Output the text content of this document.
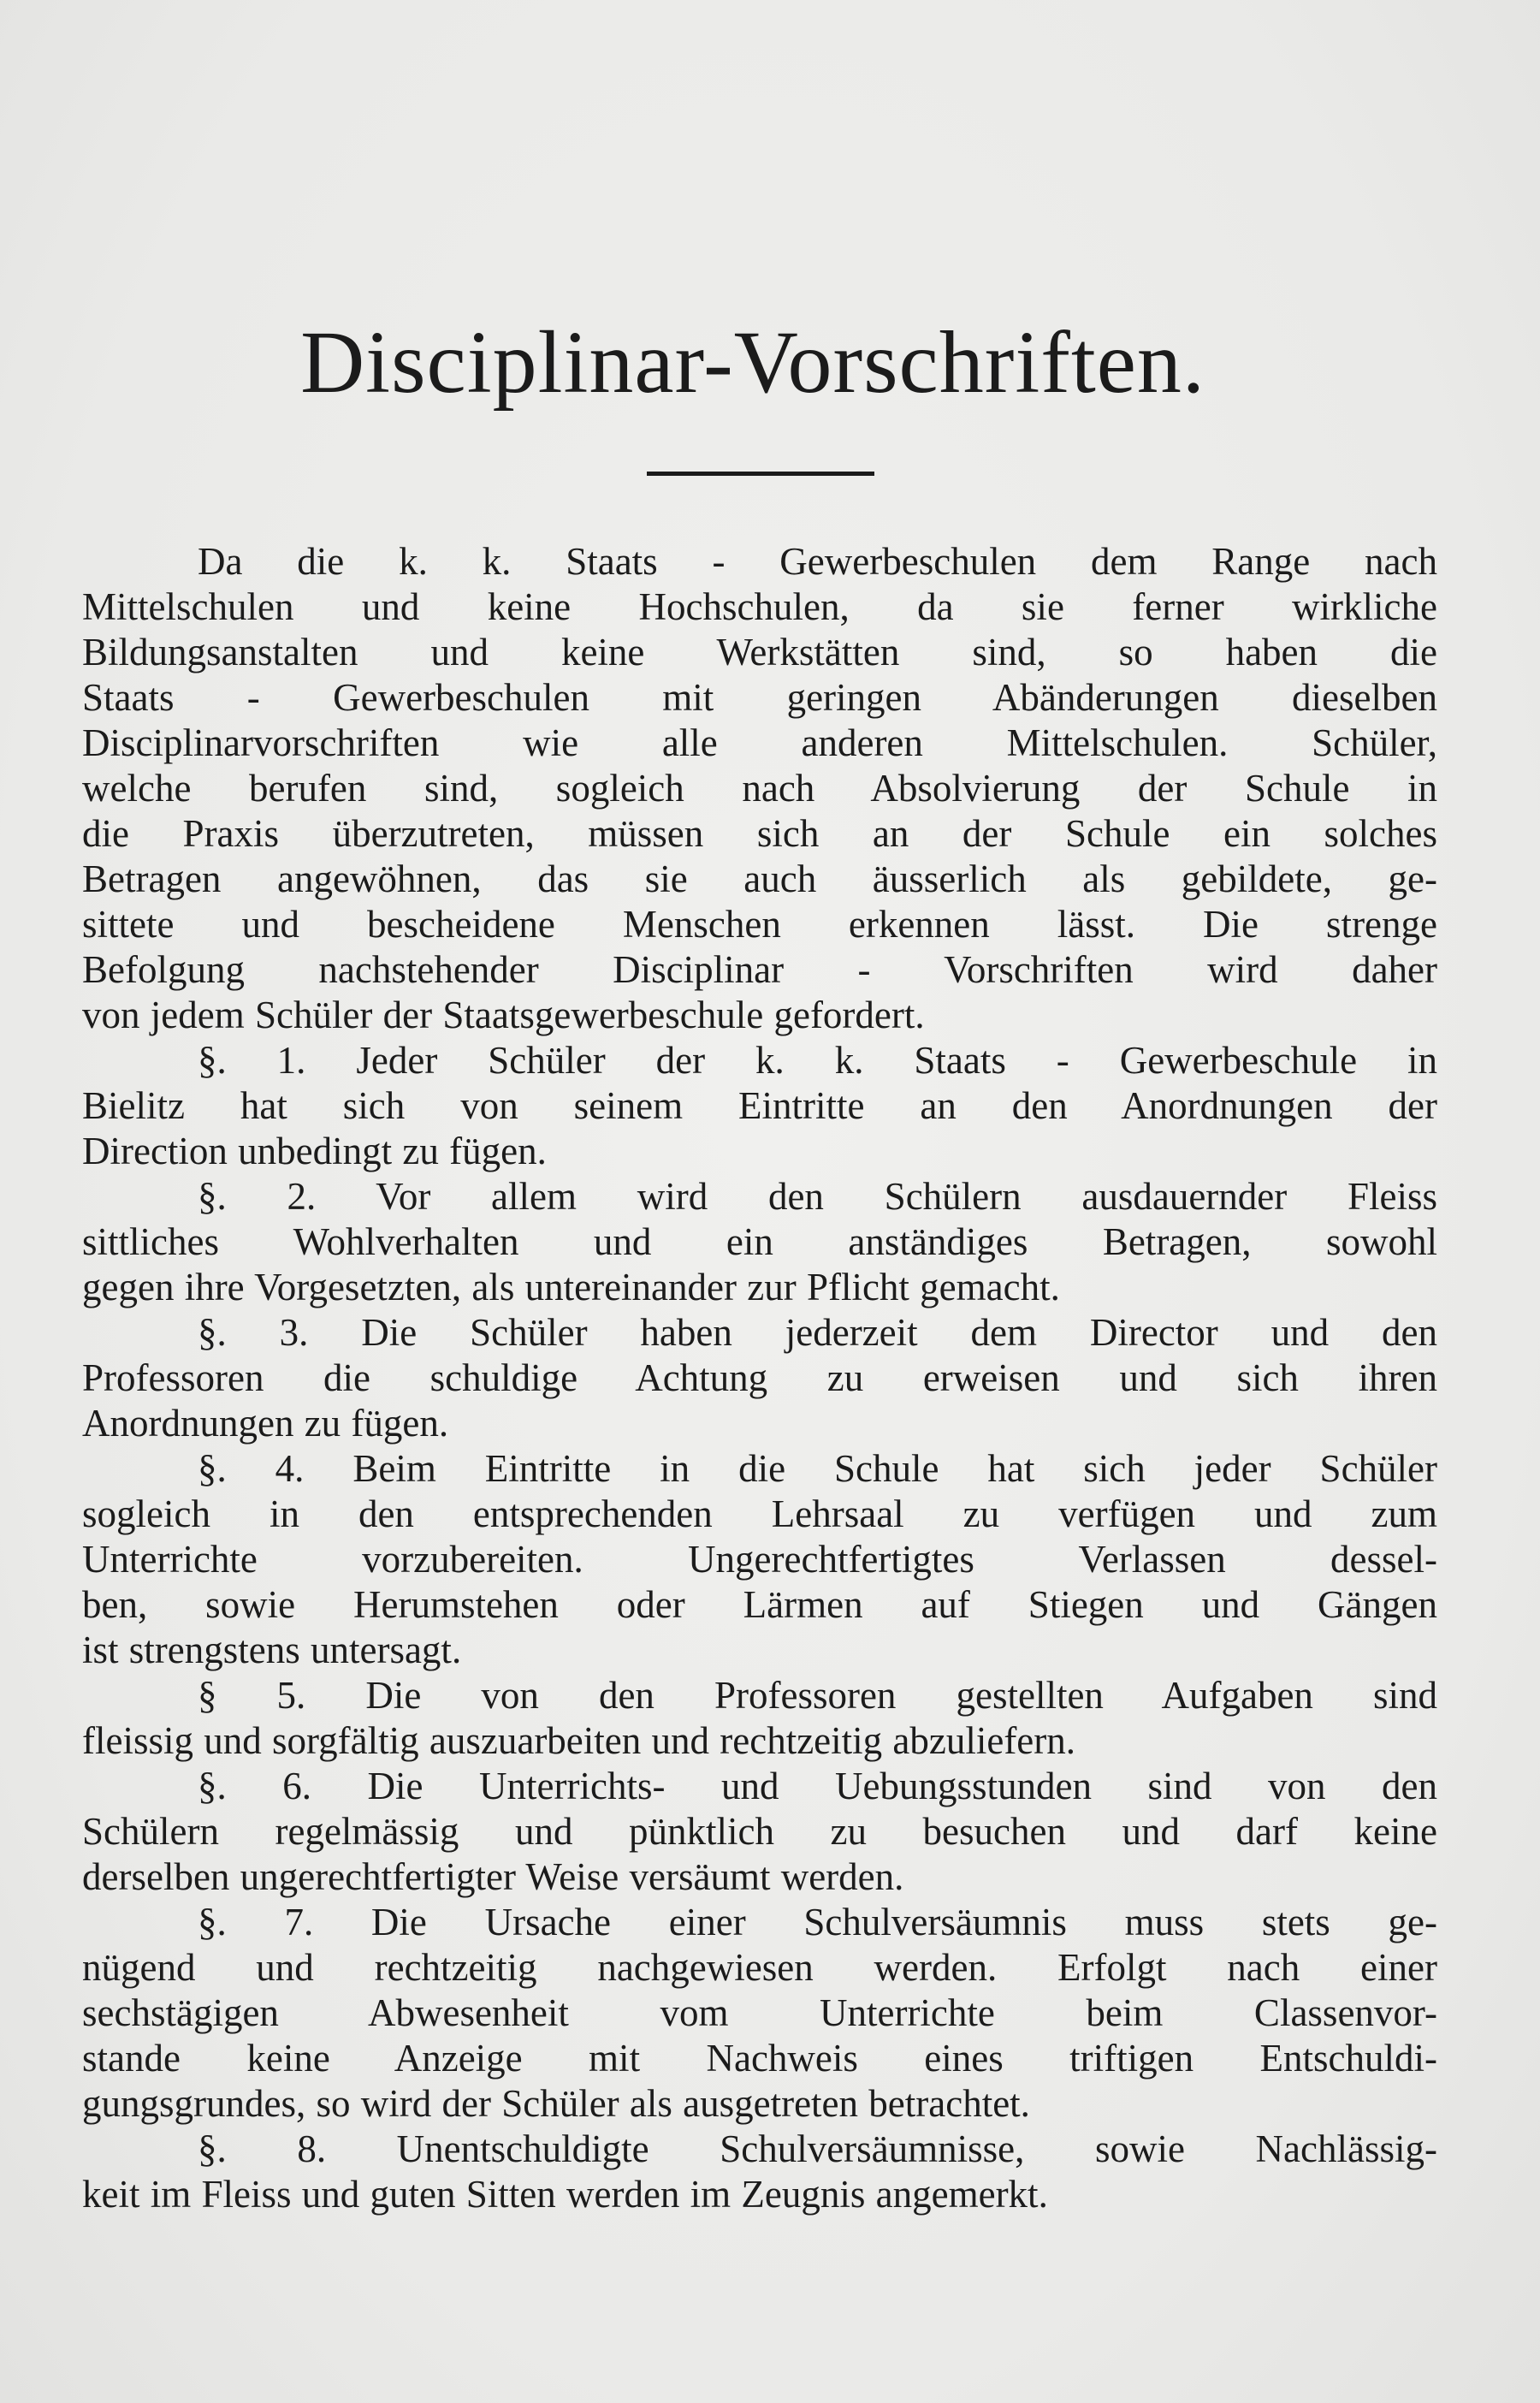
Disciplinar-Vorschriften.
Da die k. k. Staats - Gewerbeschulen dem Range nach
Mittelschulen und keine Hochschulen, da sie ferner wirkliche
Bildungsanstalten und keine Werkstätten sind, so haben die
Staats - Gewerbeschulen mit geringen Abänderungen dieselben
Disciplinarvorschriften wie alle anderen Mittelschulen. Schüler,
welche berufen sind, sogleich nach Absolvierung der Schule in
die Praxis überzutreten, müssen sich an der Schule ein solches
Betragen angewöhnen, das sie auch äusserlich als gebildete, ge-
sittete und bescheidene Menschen erkennen lässt. Die strenge
Befolgung nachstehender Disciplinar - Vorschriften wird daher
von jedem Schüler der Staatsgewerbeschule gefordert.
§. 1. Jeder Schüler der k. k. Staats - Gewerbeschule in
Bielitz hat sich von seinem Eintritte an den Anordnungen der
Direction unbedingt zu fügen.
§. 2. Vor allem wird den Schülern ausdauernder Fleiss
sittliches Wohlverhalten und ein anständiges Betragen, sowohl
gegen ihre Vorgesetzten, als untereinander zur Pflicht gemacht.
§. 3. Die Schüler haben jederzeit dem Director und den
Professoren die schuldige Achtung zu erweisen und sich ihren
Anordnungen zu fügen.
§. 4. Beim Eintritte in die Schule hat sich jeder Schüler
sogleich in den entsprechenden Lehrsaal zu verfügen und zum
Unterrichte vorzubereiten. Ungerechtfertigtes Verlassen dessel-
ben, sowie Herumstehen oder Lärmen auf Stiegen und Gängen
ist strengstens untersagt.
§ 5. Die von den Professoren gestellten Aufgaben sind
fleissig und sorgfältig auszuarbeiten und rechtzeitig abzuliefern.
§. 6. Die Unterrichts- und Uebungsstunden sind von den
Schülern regelmässig und pünktlich zu besuchen und darf keine
derselben ungerechtfertigter Weise versäumt werden.
§. 7. Die Ursache einer Schulversäumnis muss stets ge-
nügend und rechtzeitig nachgewiesen werden. Erfolgt nach einer
sechstägigen Abwesenheit vom Unterrichte beim Classenvor-
stande keine Anzeige mit Nachweis eines triftigen Entschuldi-
gungsgrundes, so wird der Schüler als ausgetreten betrachtet.
§. 8. Unentschuldigte Schulversäumnisse, sowie Nachlässig-
keit im Fleiss und guten Sitten werden im Zeugnis angemerkt.
